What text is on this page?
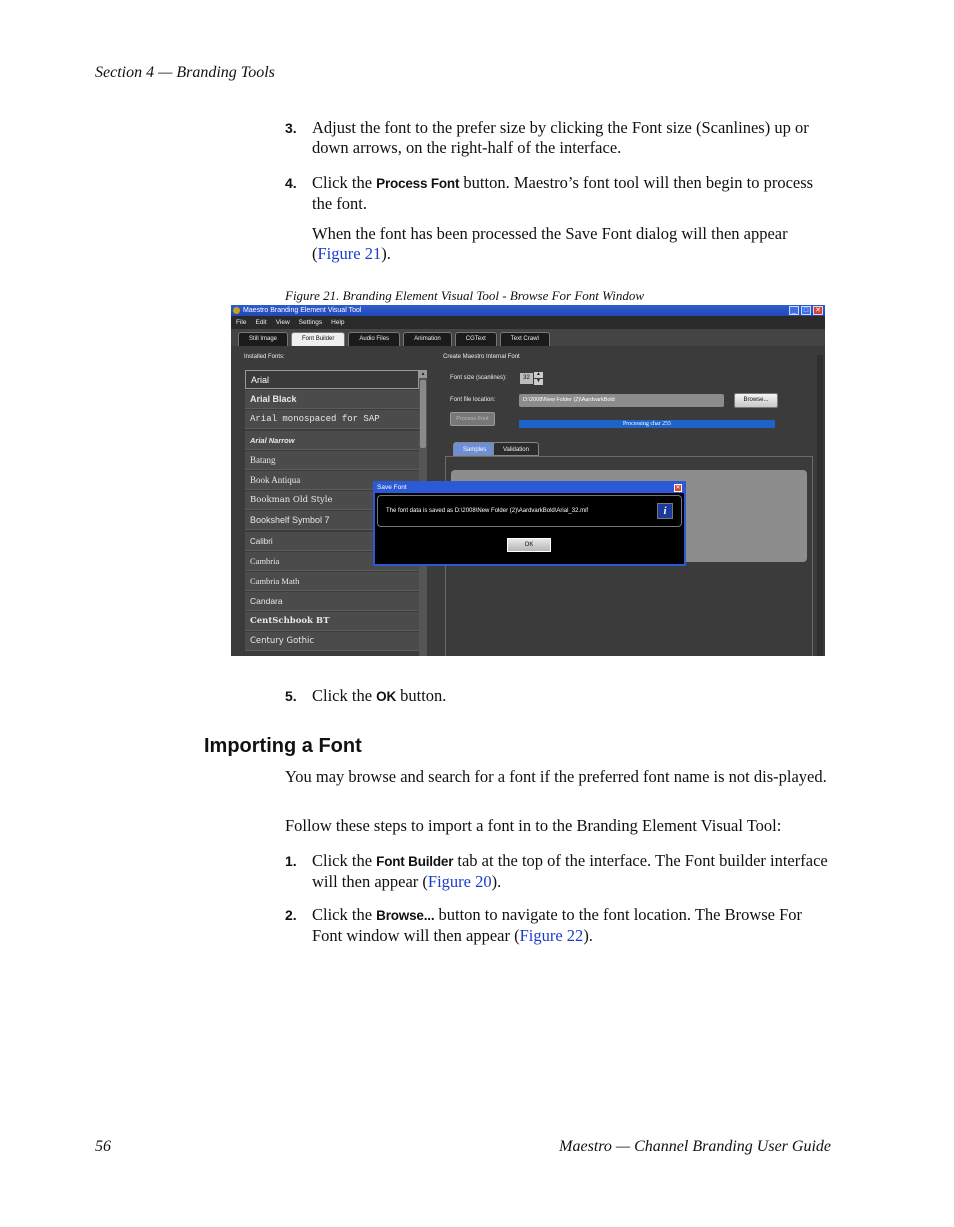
Section 4 — Branding Tools
3. Adjust the font to the prefer size by clicking the Font size (Scanlines) up or down arrows, on the right-half of the interface.
4. Click the Process Font button. Maestro’s font tool will then begin to process the font.
When the font has been processed the Save Font dialog will then appear (Figure 21).
Figure 21. Branding Element Visual Tool - Browse For Font Window
Maestro Branding Element Visual Tool	_	□ ✕
File Edit View Settings Help
Still Image	Font Builder	Audio Files	Animation	CGText	Text Crawl
Installed Fonts:
Arial
Arial Black
Arial monospaced for SAP
Arial Narrow
Batang
Book Antiqua
Bookman Old Style
Bookshelf Symbol 7
Calibri
Cambria
Cambria Math
Candara
CentSchbook BT
Century Gothic
▲
Create Maestro Internal Font
Font size (scanlines):	32
▲
▼
Font file location:	D:\2008\New Folder (2)\AardvarkBold	Browse...
Process Font
Processing char 255
Samples	Validation
Save Font	✕
The font data is saved as D:\2008\New Folder (2)\AardvarkBold\Arial_32.mif	i
OK
5. Click the OK button.
Importing a Font
You may browse and search for a font if the preferred font name is not dis-played.
Follow these steps to import a font in to the Branding Element Visual Tool:
1. Click the Font Builder tab at the top of the interface. The Font builder interface will then appear (Figure 20).
2. Click the Browse... button to navigate to the font location. The Browse For Font window will then appear (Figure 22).
56	Maestro — Channel Branding User Guide
